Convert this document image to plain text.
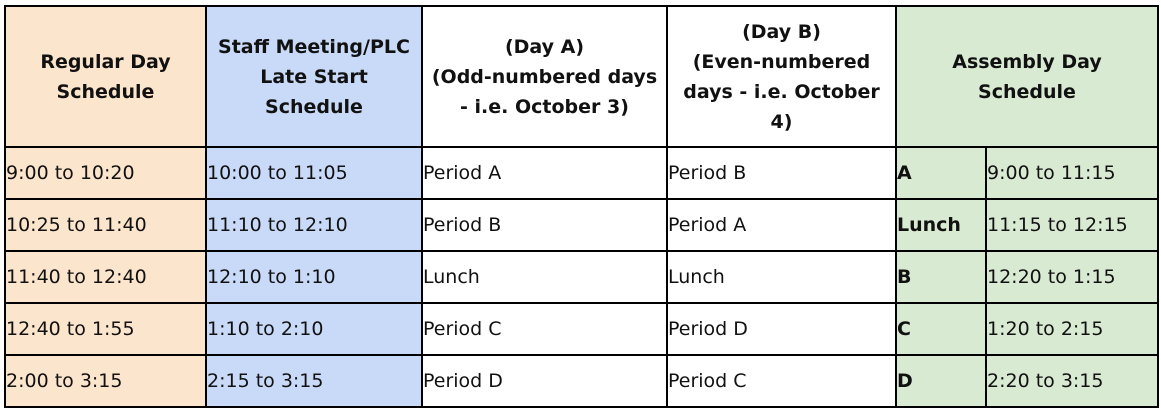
Regular Day
Schedule	Staff Meeting/PLC
Late Start
Schedule	(Day A)
(Odd-numbered days
- i.e. October 3)	(Day B)
(Even-numbered
days - i.e. October
4)	Assembly Day
Schedule	

9:00 to 10:20	10:00 to 11:05	Period A	Period B	A	9:00 to 11:15
10:25 to 11:40	11:10 to 12:10	Period B	Period A	Lunch	11:15 to 12:15
11:40 to 12:40	12:10 to 1:10	Lunch	Lunch	B	12:20 to 1:15
12:40 to 1:55	1:10 to 2:10	Period C	Period D	C	1:20 to 2:15
2:00 to 3:15	2:15 to 3:15	Period D	Period C	D	2:20 to 3:15
